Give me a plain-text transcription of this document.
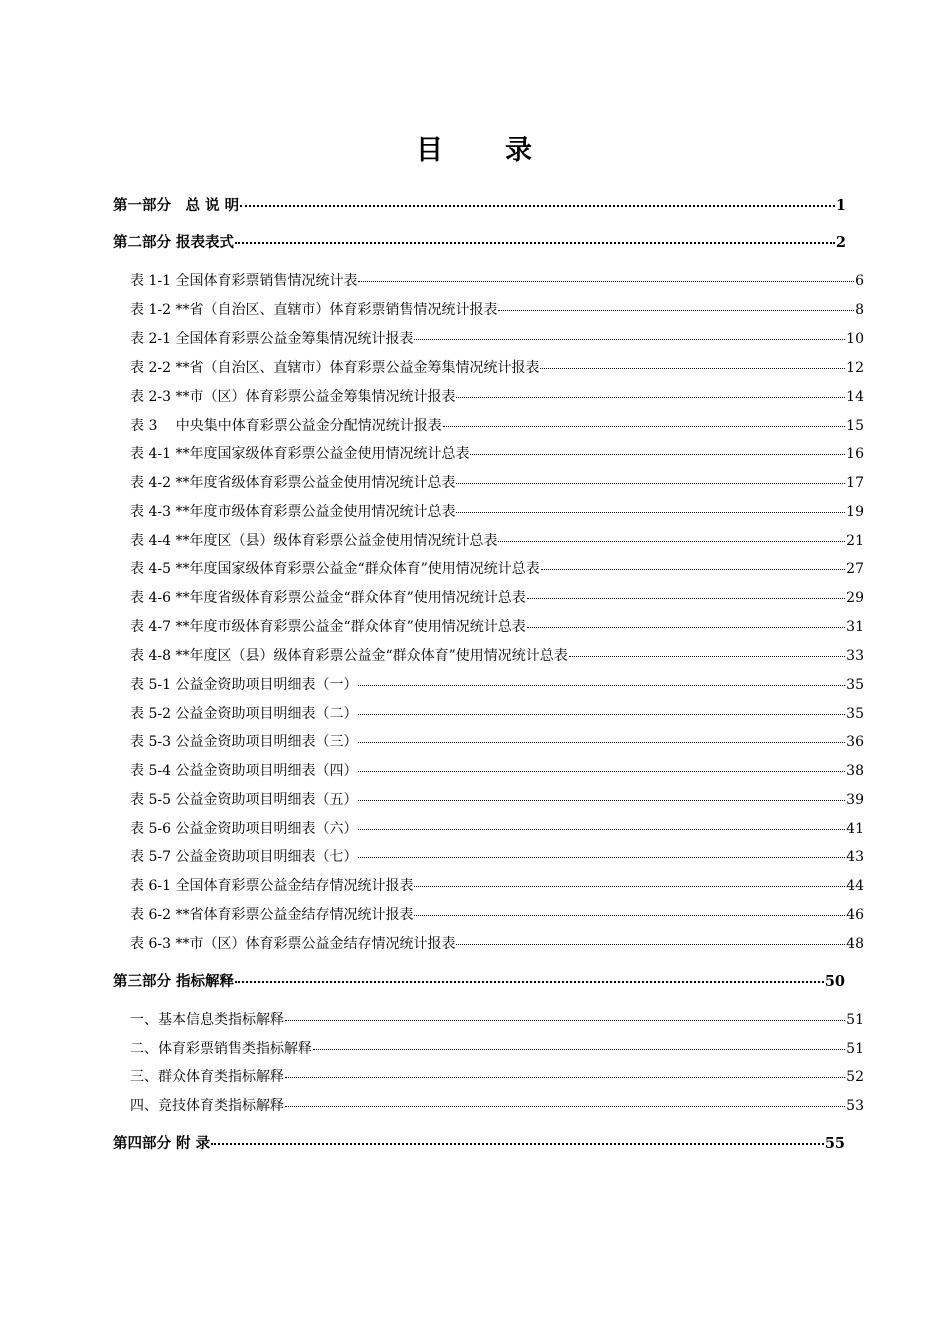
目 录
第一部分　总 说 明	1
第二部分 报表表式	2
表 1-1 全国体育彩票销售情况统计表	6
表 1-2 **省（自治区、直辖市）体育彩票销售情况统计报表	8
表 2-1 全国体育彩票公益金筹集情况统计报表	10
表 2-2 **省（自治区、直辖市）体育彩票公益金筹集情况统计报表	12
表 2-3 **市（区）体育彩票公益金筹集情况统计报表	14
表 3　 中央集中体育彩票公益金分配情况统计报表	15
表 4-1 **年度国家级体育彩票公益金使用情况统计总表	16
表 4-2 **年度省级体育彩票公益金使用情况统计总表	17
表 4-3 **年度市级体育彩票公益金使用情况统计总表	19
表 4-4 **年度区（县）级体育彩票公益金使用情况统计总表	21
表 4-5 **年度国家级体育彩票公益金“群众体育”使用情况统计总表	27
表 4-6 **年度省级体育彩票公益金“群众体育”使用情况统计总表	29
表 4-7 **年度市级体育彩票公益金“群众体育”使用情况统计总表	31
表 4-8 **年度区（县）级体育彩票公益金“群众体育”使用情况统计总表	33
表 5-1 公益金资助项目明细表（一）	35
表 5-2 公益金资助项目明细表（二）	35
表 5-3 公益金资助项目明细表（三）	36
表 5-4 公益金资助项目明细表（四）	38
表 5-5 公益金资助项目明细表（五）	39
表 5-6 公益金资助项目明细表（六）	41
表 5-7 公益金资助项目明细表（七）	43
表 6-1 全国体育彩票公益金结存情况统计报表	44
表 6-2 **省体育彩票公益金结存情况统计报表	46
表 6-3 **市（区）体育彩票公益金结存情况统计报表	48
第三部分 指标解释	50
一、基本信息类指标解释	51
二、体育彩票销售类指标解释	51
三、群众体育类指标解释	52
四、竞技体育类指标解释	53
第四部分 附 录	55
